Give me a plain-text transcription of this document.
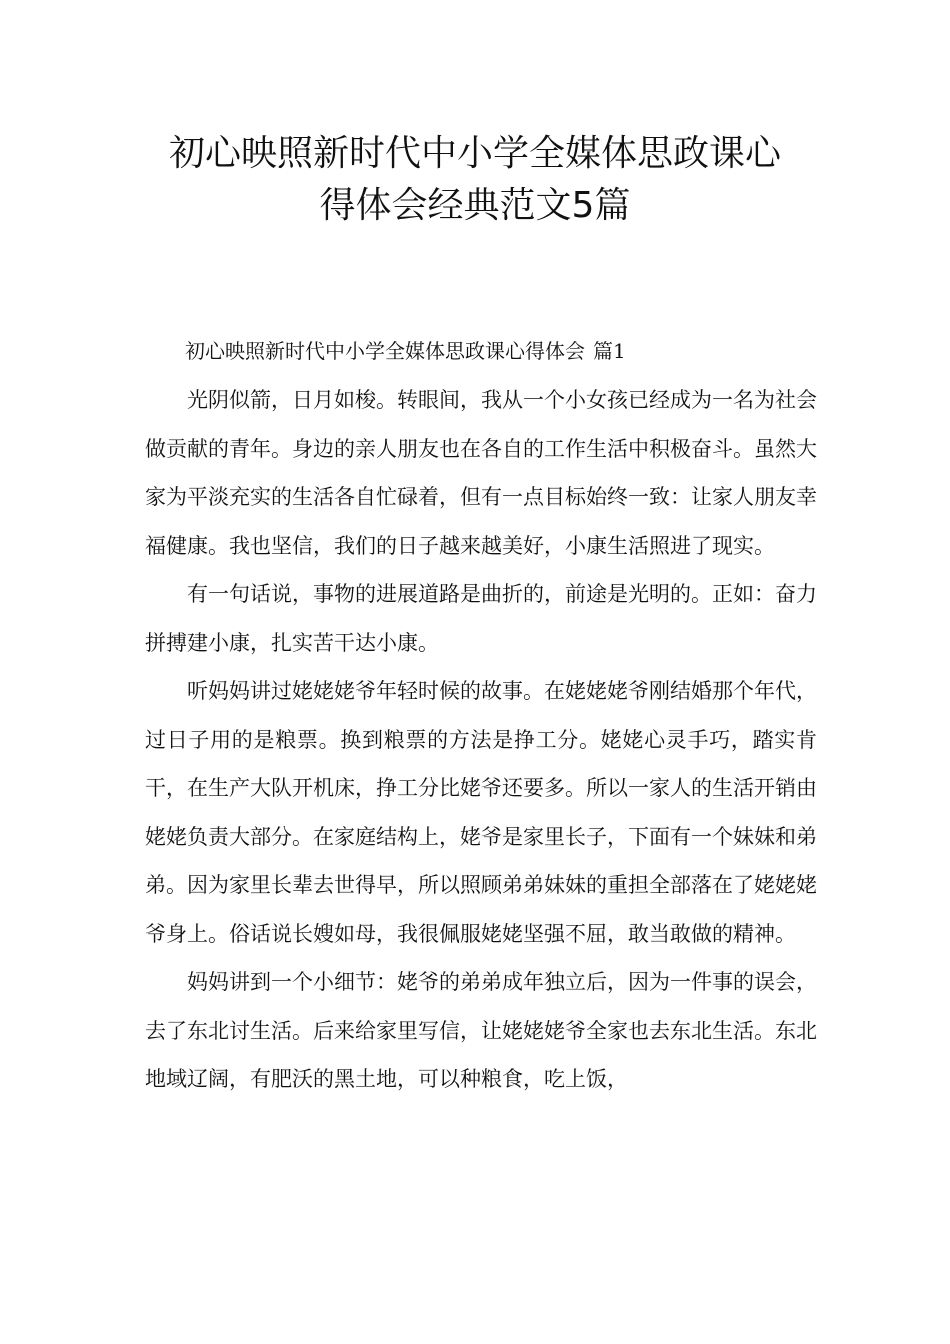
初心映照新时代中小学全媒体思政课心
得体会经典范文5篇

初心映照新时代中小学全媒体思政课心得体会 篇1

光阴似箭，日月如梭。转眼间，我从一个小女孩已经成为一名为社会做贡献的青年。身边的亲人朋友也在各自的工作生活中积极奋斗。虽然大家为平淡充实的生活各自忙碌着，但有一点目标始终一致：让家人朋友幸福健康。我也坚信，我们的日子越来越美好，小康生活照进了现实。

有一句话说，事物的进展道路是曲折的，前途是光明的。正如：奋力拼搏建小康，扎实苦干达小康。

听妈妈讲过姥姥姥爷年轻时候的故事。在姥姥姥爷刚结婚那个年代，过日子用的是粮票。换到粮票的方法是挣工分。姥姥心灵手巧，踏实肯干，在生产大队开机床，挣工分比姥爷还要多。所以一家人的生活开销由姥姥负责大部分。在家庭结构上，姥爷是家里长子，下面有一个妹妹和弟弟。因为家里长辈去世得早，所以照顾弟弟妹妹的重担全部落在了姥姥姥爷身上。俗话说长嫂如母，我很佩服姥姥坚强不屈，敢当敢做的精神。

妈妈讲到一个小细节：姥爷的弟弟成年独立后，因为一件事的误会，去了东北讨生活。后来给家里写信，让姥姥姥爷全家也去东北生活。东北地域辽阔，有肥沃的黑土地，可以种粮食，吃上饭，
